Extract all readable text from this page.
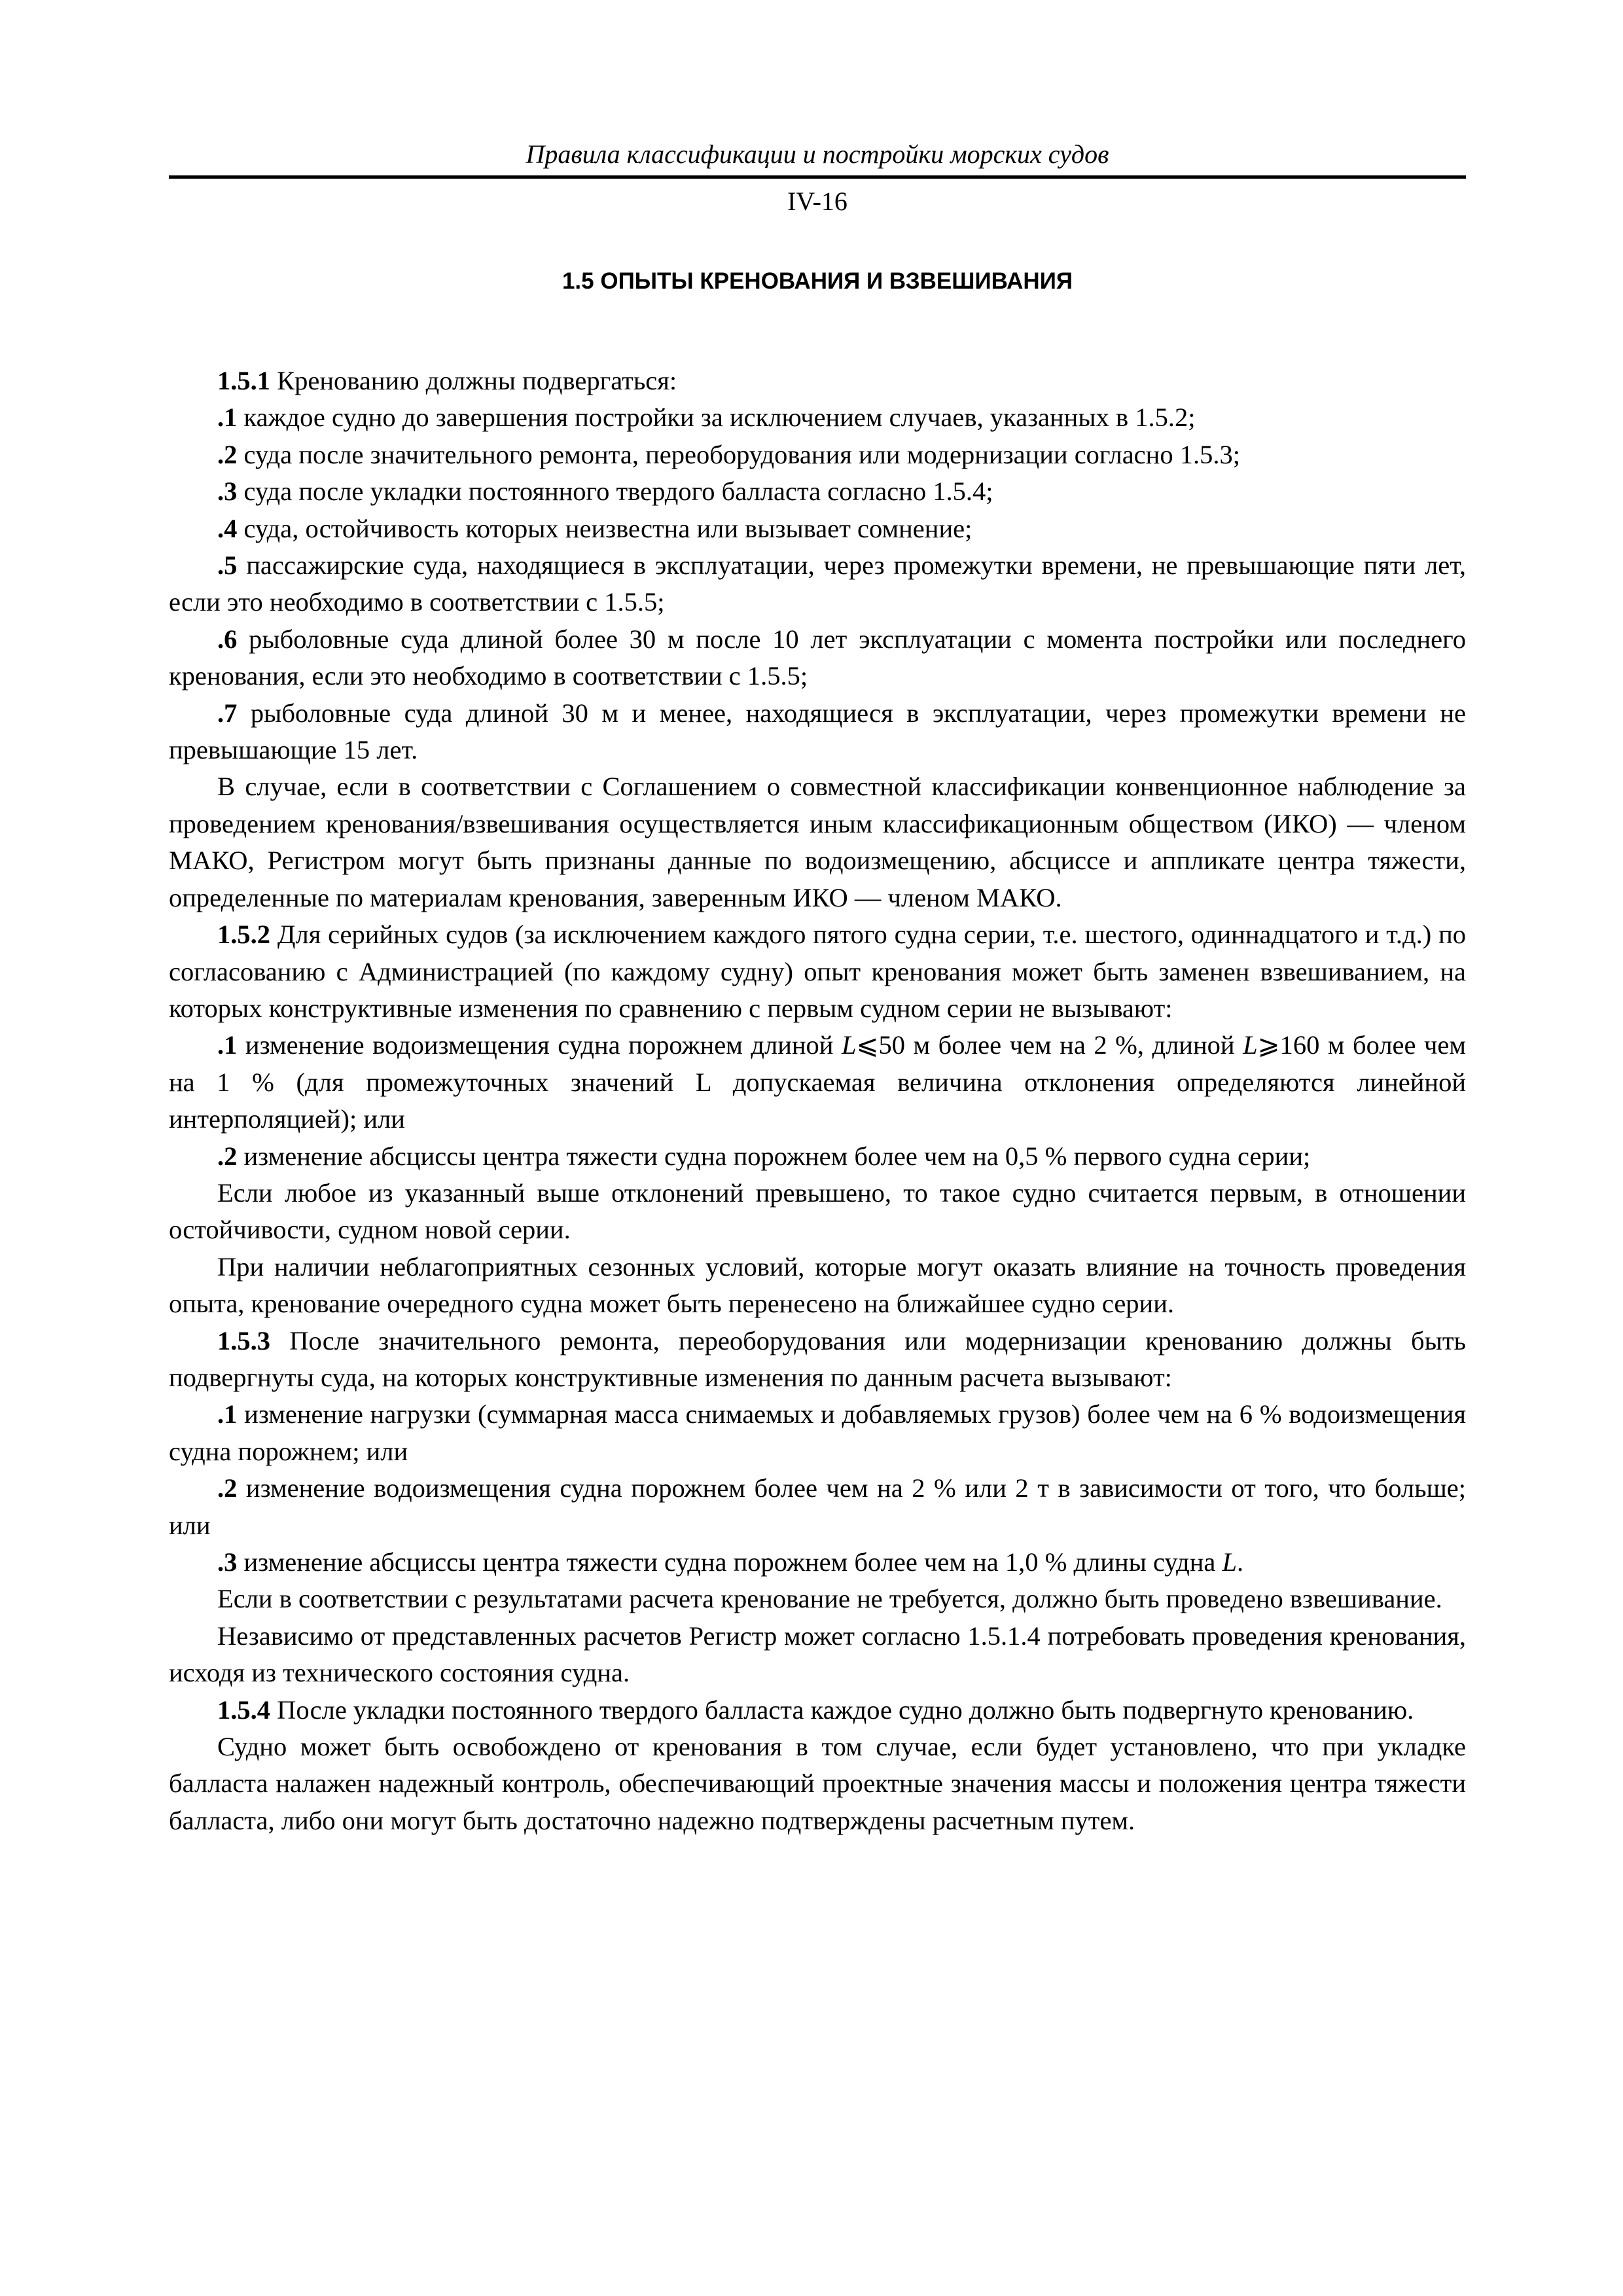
Правила классификации и постройки морских судов
IV-16
1.5 ОПЫТЫ КРЕНОВАНИЯ И ВЗВЕШИВАНИЯ

1.5.1 Кренованию должны подвергаться:

.1 каждое судно до завершения постройки за исключением случаев, указанных в 1.5.2;

.2 суда после значительного ремонта, переоборудования или модернизации согласно 1.5.3;

.3 суда после укладки постоянного твердого балласта согласно 1.5.4;

.4 суда, остойчивость которых неизвестна или вызывает сомнение;

.5 пассажирские суда, находящиеся в эксплуатации, через промежутки времени, не превышающие пяти лет, если это необходимо в соответствии с 1.5.5;

.6 рыболовные суда длиной более 30 м после 10 лет эксплуатации с момента постройки или последнего кренования, если это необходимо в соответствии с 1.5.5;

.7 рыболовные суда длиной 30 м и менее, находящиеся в эксплуатации, через промежутки времени не превышающие 15 лет.

В случае, если в соответствии с Соглашением о совместной классификации конвенционное наблюдение за проведением кренования/взвешивания осуществляется иным классификационным обществом (ИКО) — членом МАКО, Регистром могут быть признаны данные по водоизмещению, абсциссе и аппликате центра тяжести, определенные по материалам кренования, заверенным ИКО — членом МАКО.

1.5.2 Для серийных судов (за исключением каждого пятого судна серии, т.е. шестого, одиннадцатого и т.д.) по согласованию с Администрацией (по каждому судну) опыт кренования может быть заменен взвешиванием, на которых конструктивные изменения по сравнению с первым судном серии не вызывают:

.1 изменение водоизмещения судна порожнем длиной L⩽50 м более чем на 2 %, длиной L⩾160 м более чем на 1 % (для промежуточных значений L допускаемая величина отклонения определяются линейной интерполяцией); или

.2 изменение абсциссы центра тяжести судна порожнем более чем на 0,5 % первого судна серии;

Если любое из указанный выше отклонений превышено, то такое судно считается первым, в отношении остойчивости, судном новой серии.

При наличии неблагоприятных сезонных условий, которые могут оказать влияние на точность проведения опыта, кренование очередного судна может быть перенесено на ближайшее судно серии.

1.5.3 После значительного ремонта, переоборудования или модернизации кренованию должны быть подвергнуты суда, на которых конструктивные изменения по данным расчета вызывают:

.1 изменение нагрузки (суммарная масса снимаемых и добавляемых грузов) более чем на 6 % водоизмещения судна порожнем; или

.2 изменение водоизмещения судна порожнем более чем на 2 % или 2 т в зависимости от того, что больше; или

.3 изменение абсциссы центра тяжести судна порожнем более чем на 1,0 % длины судна L.

Если в соответствии с результатами расчета кренование не требуется, должно быть проведено взвешивание.

Независимо от представленных расчетов Регистр может согласно 1.5.1.4 потребовать проведения кренования, исходя из технического состояния судна.

1.5.4 После укладки постоянного твердого балласта каждое судно должно быть подвергнуто кренованию.

Судно может быть освобождено от кренования в том случае, если будет установлено, что при укладке балласта налажен надежный контроль, обеспечивающий проектные значения массы и положения центра тяжести балласта, либо они могут быть достаточно надежно подтверждены расчетным путем.
